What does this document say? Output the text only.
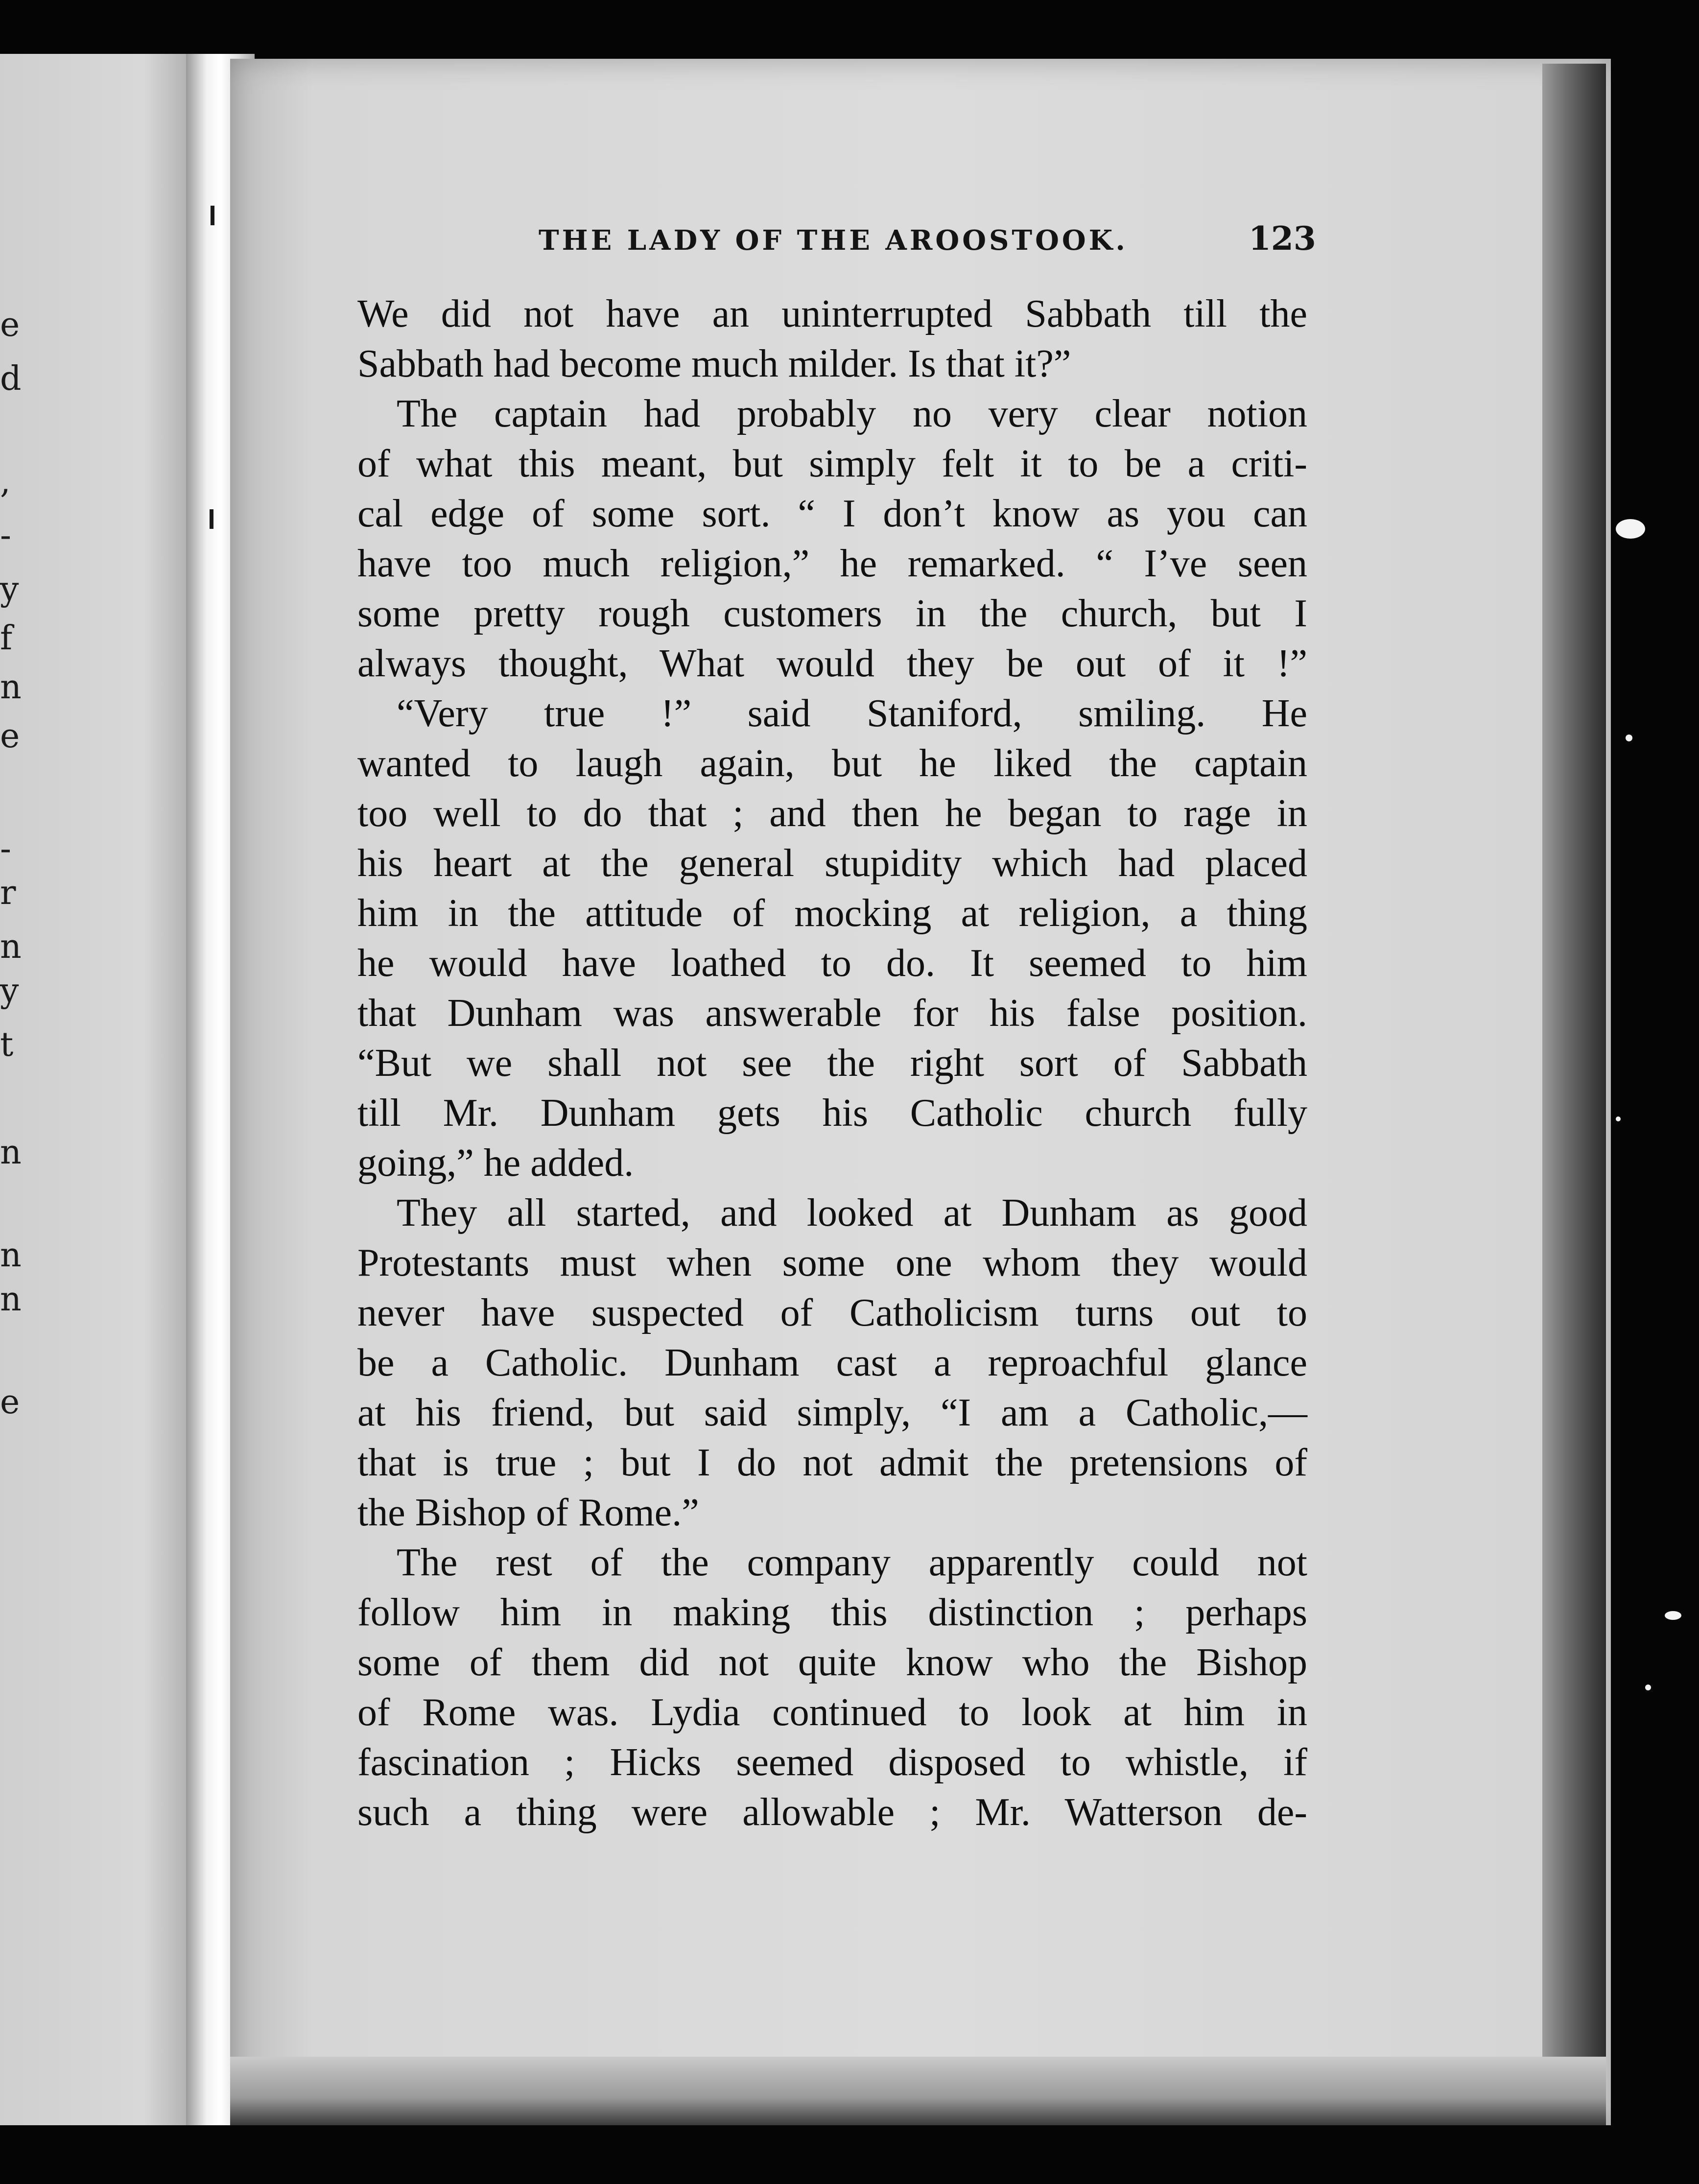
e
d
,
-
y
f
n
e
-
r
n
y
t
n
n
n
e
THE LADY OF THE AROOSTOOK.	123
We did not have an uninterrupted Sabbath till the
Sabbath had become much milder. Is that it?”
The captain had probably no very clear notion
of what this meant, but simply felt it to be a criti-
cal edge of some sort. “ I don’t know as you can
have too much religion,” he remarked. “ I’ve seen
some pretty rough customers in the church, but I
always thought, What would they be out of it !”
“Very true !” said Staniford, smiling. He
wanted to laugh again, but he liked the captain
too well to do that ; and then he began to rage in
his heart at the general stupidity which had placed
him in the attitude of mocking at religion, a thing
he would have loathed to do. It seemed to him
that Dunham was answerable for his false position.
“But we shall not see the right sort of Sabbath
till Mr. Dunham gets his Catholic church fully
going,” he added.
They all started, and looked at Dunham as good
Protestants must when some one whom they would
never have suspected of Catholicism turns out to
be a Catholic. Dunham cast a reproachful glance
at his friend, but said simply, “I am a Catholic,—
that is true ; but I do not admit the pretensions of
the Bishop of Rome.”
The rest of the company apparently could not
follow him in making this distinction ; perhaps
some of them did not quite know who the Bishop
of Rome was. Lydia continued to look at him in
fascination ; Hicks seemed disposed to whistle, if
such a thing were allowable ; Mr. Watterson de-
